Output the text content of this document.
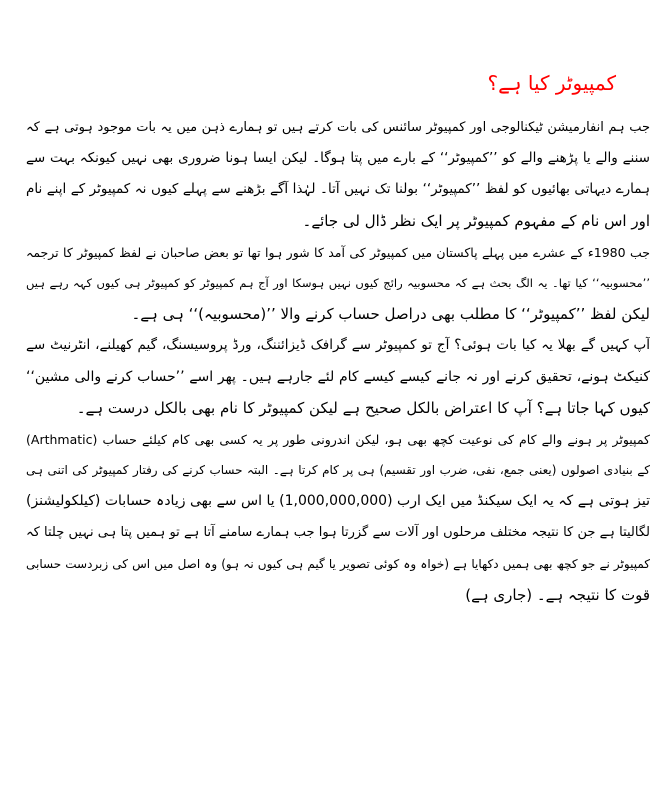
کمپیوٹر کیا ہے؟
جب ہم انفارمیشن ٹیکنالوجی اور کمپیوٹر سائنس کی بات کرتے ہیں تو ہمارے ذہن میں یہ بات موجود ہوتی ہے کہ
سننے والے یا پڑھنے والے کو ’’کمپیوٹر‘‘ کے بارے میں پتا ہوگا۔ لیکن ایسا ہونا ضروری بھی نہیں کیونکہ بہت سے
ہمارے دیہاتی بھائیوں کو لفظ ’’کمپیوٹر‘‘ بولنا تک نہیں آتا۔ لہٰذا آگے بڑھنے سے پہلے کیوں نہ کمپیوٹر کے اپنے نام
اور اس نام کے مفہوم کمپیوٹر پر ایک نظر ڈال لی جائے۔
جب 1980ء کے عشرے میں پہلے پاکستان میں کمپیوٹر کی آمد کا شور ہوا تھا تو بعض صاحبان نے لفظ کمپیوٹر کا ترجمہ
’’محسوبیہ‘‘ کیا تھا۔ یہ الگ بحث ہے کہ محسوبیہ رائج کیوں نہیں ہوسکا اور آج ہم کمپیوٹر کو کمپیوٹر ہی کیوں کہہ رہے ہیں
لیکن لفظ ’’کمپیوٹر‘‘ کا مطلب بھی دراصل حساب کرنے والا ’’(محسوبیہ)‘‘ ہی ہے۔
آپ کہیں گے بھلا یہ کیا بات ہوئی؟ آج تو کمپیوٹر سے گرافک ڈیزائننگ، ورڈ پروسیسنگ، گیم کھیلنے، انٹرنیٹ سے
کنیکٹ ہونے، تحقیق کرنے اور نہ جانے کیسے کیسے کام لئے جارہے ہیں۔ پھر اسے ’’حساب کرنے والی مشین‘‘
کیوں کہا جاتا ہے؟ آپ کا اعتراض بالکل صحیح ہے لیکن کمپیوٹر کا نام بھی بالکل درست ہے۔
کمپیوٹر پر ہونے والے کام کی نوعیت کچھ بھی ہو، لیکن اندرونی طور پر یہ کسی بھی کام کیلئے حساب (Arthmatic)
کے بنیادی اصولوں (یعنی جمع، نفی، ضرب اور تقسیم) ہی پر کام کرتا ہے۔ البتہ حساب کرنے کی رفتار کمپیوٹر کی اتنی ہی
تیز ہوتی ہے کہ یہ ایک سیکنڈ میں ایک ارب (1,000,000,000) یا اس سے بھی زیادہ حسابات (کیلکولیشنز)
لگالیتا ہے جن کا نتیجہ مختلف مرحلوں اور آلات سے گزرتا ہوا جب ہمارے سامنے آتا ہے تو ہمیں پتا ہی نہیں چلتا کہ
کمپیوٹر نے جو کچھ بھی ہمیں دکھایا ہے (خواہ وہ کوئی تصویر یا گیم ہی کیوں نہ ہو) وہ اصل میں اس کی زبردست حسابی
قوت کا نتیجہ ہے۔ (جاری ہے)
